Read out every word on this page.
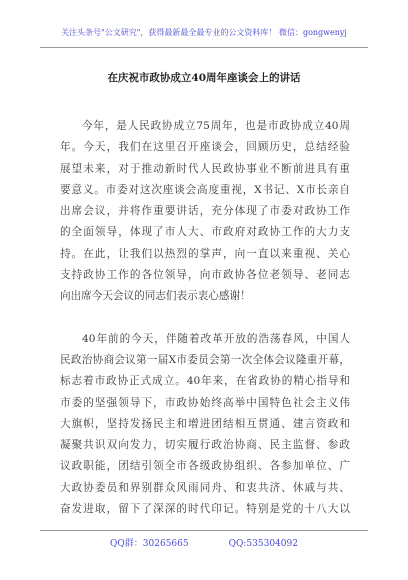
关注头条号"公文研究"，获得最新最全最专业的公文资料库！ 微信：gongwenyj
在庆祝市政协成立40周年座谈会上的讲话
今年，是人民政协成立75周年，也是市政协成立40周
年。今天，我们在这里召开座谈会，回顾历史，总结经验
展望未来，对于推动新时代人民政协事业不断前进具有重
要意义。市委对这次座谈会高度重视，X书记、X市长亲自
出席会议，并将作重要讲话，充分体现了市委对政协工作
的全面领导，体现了市人大、市政府对政协工作的大力支
持。在此，让我们以热烈的掌声，向一直以来重视、关心
支持政协工作的各位领导，向市政协各位老领导、老同志
向出席今天会议的同志们表示衷心感谢！
40年前的今天，伴随着改革开放的浩荡春风，中国人
民政治协商会议第一届X市委员会第一次全体会议隆重开幕，
标志着市政协正式成立。40年来，在省政协的精心指导和
市委的坚强领导下，市政协始终高举中国特色社会主义伟
大旗帜，坚持发扬民主和增进团结相互贯通、建言资政和
凝聚共识双向发力，切实履行政治协商、民主监督、参政
议政职能，团结引领全市各级政协组织、各参加单位、广
大政协委员和界别群众风雨同舟、和衷共济、休戚与共、
奋发进取，留下了深深的时代印记。特别是党的十八大以
QQ群：30265665	QQ:535304092
